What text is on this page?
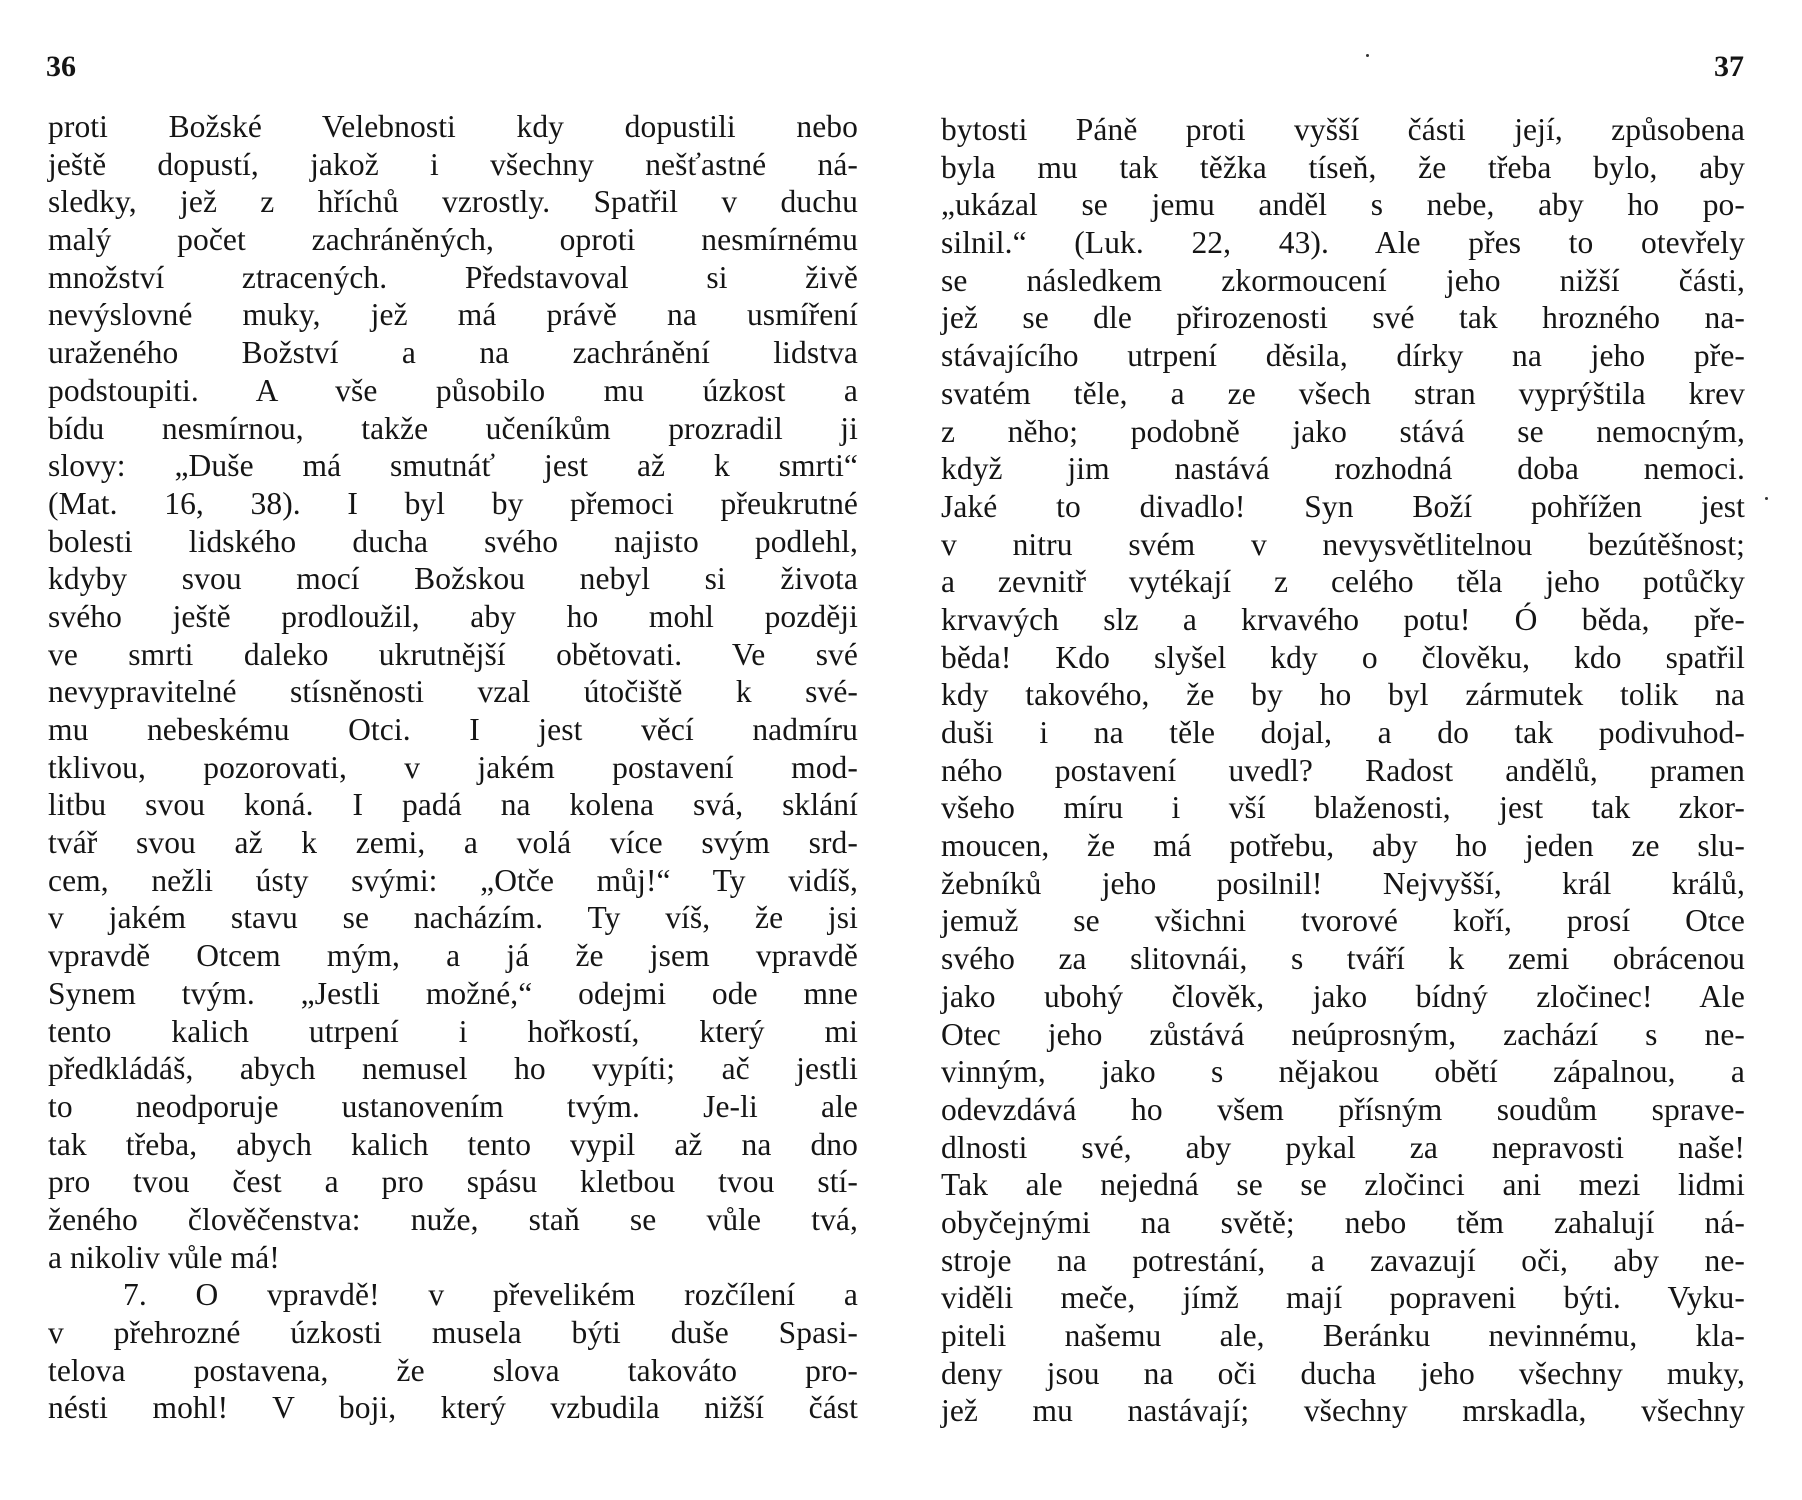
36	37
proti Božské Velebnosti kdy dopustili nebo
ještě dopustí, jakož i všechny nešťastné ná-
sledky, jež z hříchů vzrostly. Spatřil v duchu
malý počet zachráněných, oproti nesmírnému
množství ztracených. Představoval si živě
nevýslovné muky, jež má právě na usmíření
uraženého Božství a na zachránění lidstva
podstoupiti. A vše působilo mu úzkost a
bídu nesmírnou, takže učeníkům prozradil ji
slovy: „Duše má smutnáť jest až k smrti“
(Mat. 16, 38). I byl by přemoci přeukrutné
bolesti lidského ducha svého najisto podlehl,
kdyby svou mocí Božskou nebyl si života
svého ještě prodloužil, aby ho mohl později
ve smrti daleko ukrutnější obětovati. Ve své
nevypravitelné stísněnosti vzal útočiště k své-
mu nebeskému Otci. I jest věcí nadmíru
tklivou, pozorovati, v jakém postavení mod-
litbu svou koná. I padá na kolena svá, sklání
tvář svou až k zemi, a volá více svým srd-
cem, nežli ústy svými: „Otče můj!“ Ty vidíš,
v jakém stavu se nacházím. Ty víš, že jsi
vpravdě Otcem mým, a já že jsem vpravdě
Synem tvým. „Jestli možné,“ odejmi ode mne
tento kalich utrpení i hořkostí, který mi
předkládáš, abych nemusel ho vypíti; ač jestli
to neodporuje ustanovením tvým. Je-li ale
tak třeba, abych kalich tento vypil až na dno
pro tvou čest a pro spásu kletbou tvou stí-
ženého člověčenstva: nuže, staň se vůle tvá,
a nikoliv vůle má!
7. O vpravdě! v převelikém rozčílení a
v přehrozné úzkosti musela býti duše Spasi-
telova postavena, že slova takováto pro-
nésti mohl! V boji, který vzbudila nižší část
bytosti Páně proti vyšší části její, způsobena
byla mu tak těžka tíseň, že třeba bylo, aby
„ukázal se jemu anděl s nebe, aby ho po-
silnil.“ (Luk. 22, 43). Ale přes to otevřely
se následkem zkormoucení jeho nižší části,
jež se dle přirozenosti své tak hrozného na-
stávajícího utrpení děsila, dírky na jeho pře-
svatém těle, a ze všech stran vyprýštila krev
z něho; podobně jako stává se nemocným,
když jim nastává rozhodná doba nemoci.
Jaké to divadlo! Syn Boží pohřížen jest
v nitru svém v nevysvětlitelnou bezútěšnost;
a zevnitř vytékají z celého těla jeho potůčky
krvavých slz a krvavého potu! Ó běda, pře-
běda! Kdo slyšel kdy o člověku, kdo spatřil
kdy takového, že by ho byl zármutek tolik na
duši i na těle dojal, a do tak podivuhod-
ného postavení uvedl? Radost andělů, pramen
všeho míru i vší blaženosti, jest tak zkor-
moucen, že má potřebu, aby ho jeden ze slu-
žebníků jeho posilnil! Nejvyšší, král králů,
jemuž se všichni tvorové koří, prosí Otce
svého za slitovnái, s tváří k zemi obrácenou
jako ubohý člověk, jako bídný zločinec! Ale
Otec jeho zůstává neúprosným, zachází s ne-
vinným, jako s nějakou obětí zápalnou, a
odevzdává ho všem přísným soudům sprave-
dlnosti své, aby pykal za nepravosti naše!
Tak ale nejedná se se zločinci ani mezi lidmi
obyčejnými na světě; nebo těm zahalují ná-
stroje na potrestání, a zavazují oči, aby ne-
viděli meče, jímž mají popraveni býti. Vyku-
piteli našemu ale, Beránku nevinnému, kla-
deny jsou na oči ducha jeho všechny muky,
jež mu nastávají; všechny mrskadla, všechny
